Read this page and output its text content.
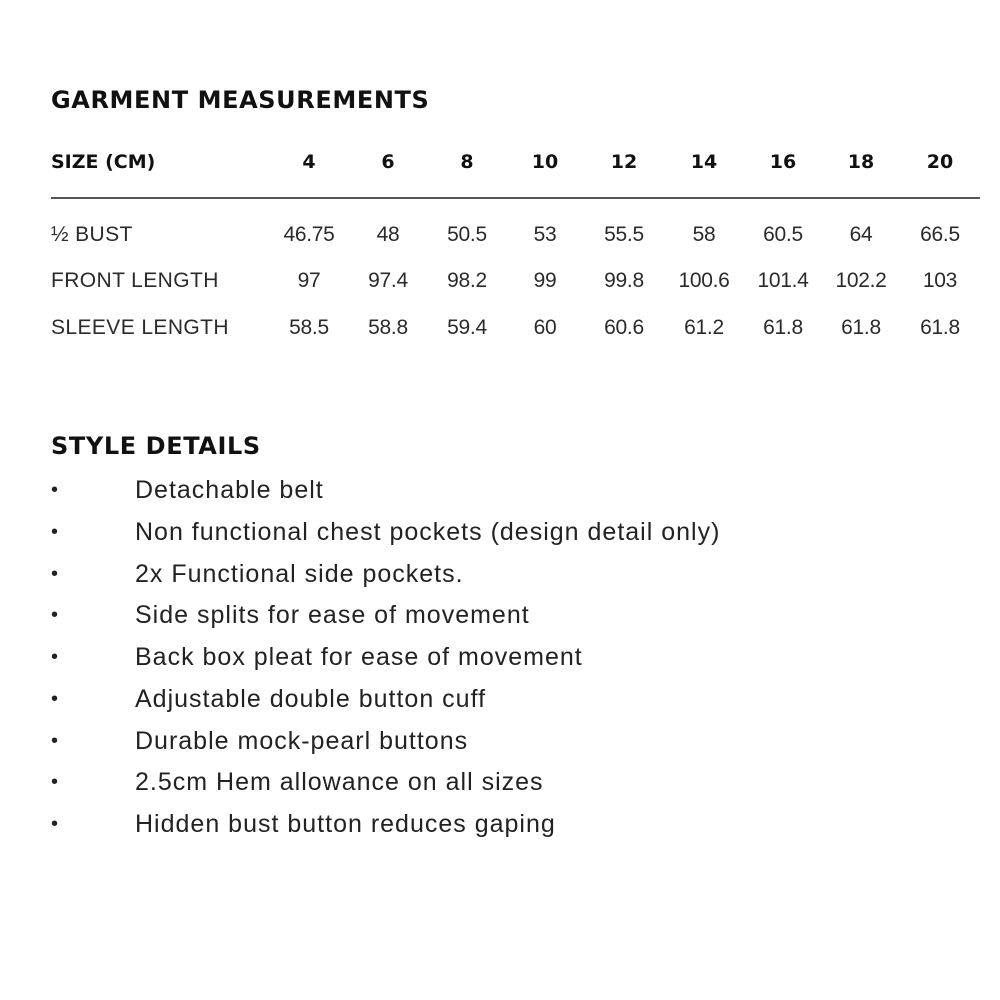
GARMENT MEASUREMENTS
SIZE (CM)	4	6	8	10	12	14	16	18	20
½ BUST	46.75	48	50.5	53	55.5	58	60.5	64	66.5
FRONT LENGTH	97	97.4	98.2	99	99.8	100.6	101.4	102.2	103
SLEEVE LENGTH	58.5	58.8	59.4	60	60.6	61.2	61.8	61.8	61.8
STYLE DETAILS
•	Detachable belt
•	Non functional chest pockets (design detail only)
•	2x Functional side pockets.
•	Side splits for ease of movement
•	Back box pleat for ease of movement
•	Adjustable double button cuff
•	Durable mock-pearl buttons
•	2.5cm Hem allowance on all sizes
•	Hidden bust button reduces gaping
